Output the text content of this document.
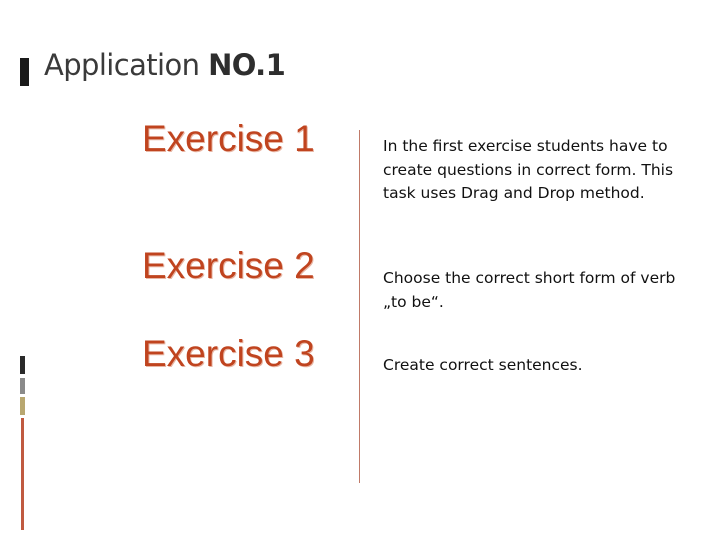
Application NO.1
Exercise 1
Exercise 2
Exercise 3
In the first exercise students have to create questions in correct form. This task uses Drag and Drop method.
Choose the correct short form of verb „to be“.
Create correct sentences.
